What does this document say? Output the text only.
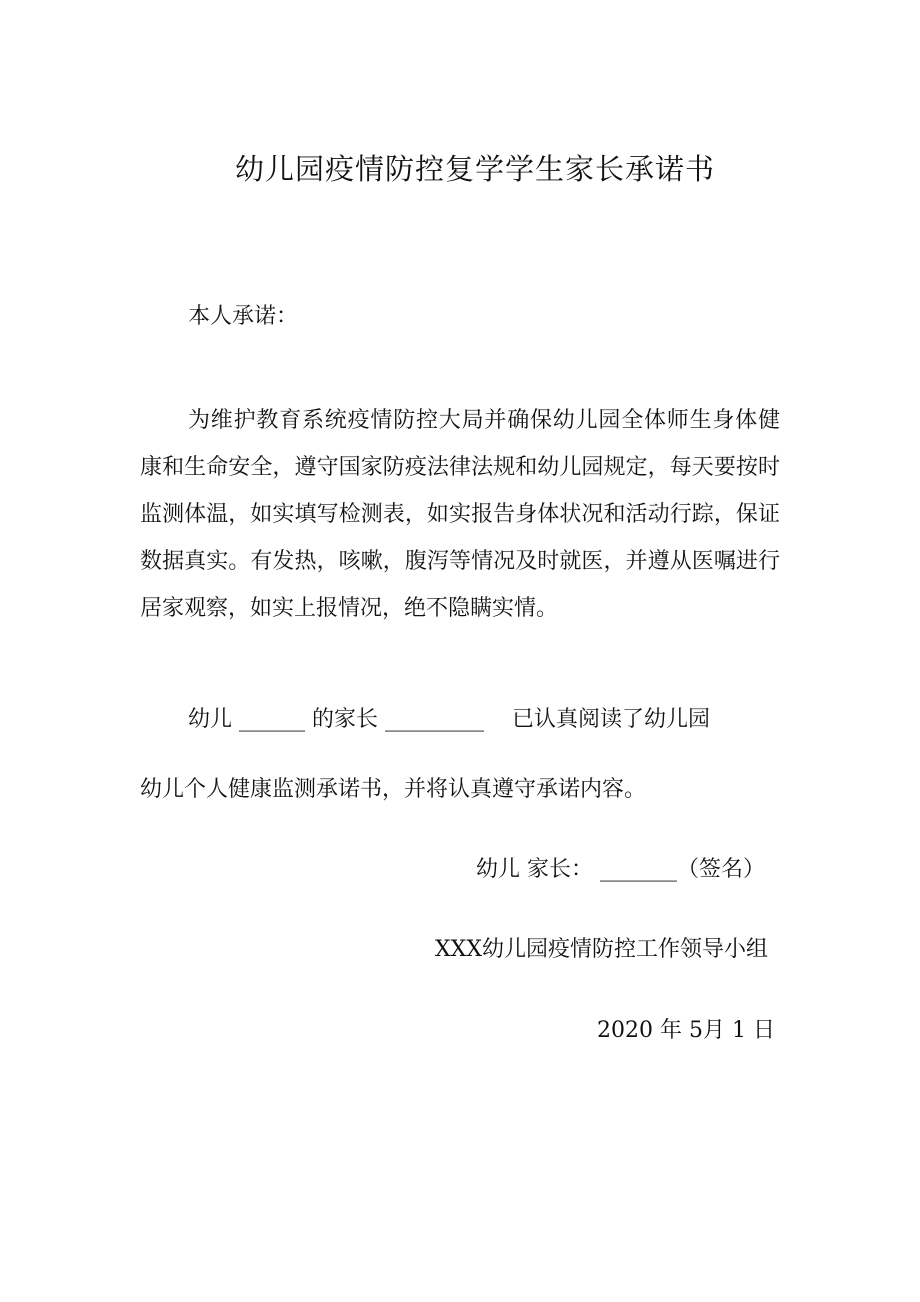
幼儿园疫情防控复学学生家长承诺书
本人承诺：
为维护教育系统疫情防控大局并确保幼儿园全体师生身体健康和生命安全，遵守国家防疫法律法规和幼儿园规定，每天要按时监测体温，如实填写检测表，如实报告身体状况和活动行踪，保证数据真实。有发热，咳嗽，腹泻等情况及时就医，并遵从医嘱进行居家观察，如实上报情况，绝不隐瞒实情。
幼儿 ______ 的家长 _________    已认真阅读了幼儿园
幼儿个人健康监测承诺书，并将认真遵守承诺内容。
幼儿 家长： _______（签名）
XXX幼儿园疫情防控工作领导小组
2020 年 5月 1 日
